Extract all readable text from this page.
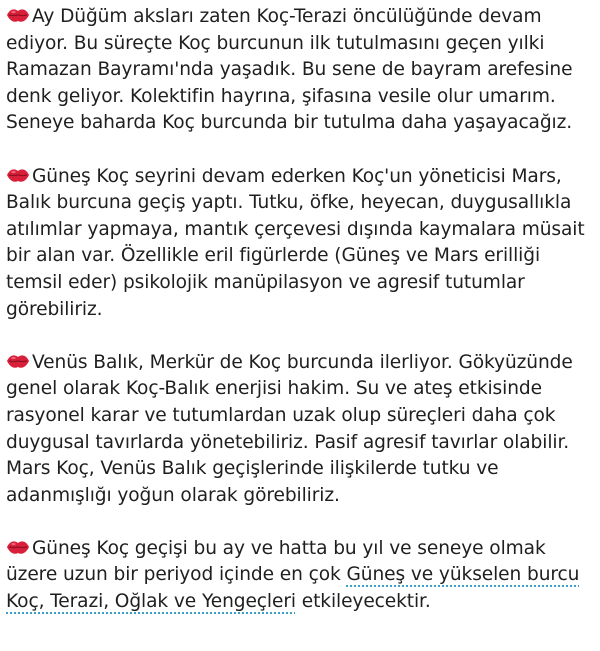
Ay Düğüm aksları zaten Koç-Terazi öncülüğünde devam ediyor. Bu süreçte Koç burcunun ilk tutulmasını geçen yılki Ramazan Bayramı'nda yaşadık. Bu sene de bayram arefesine denk geliyor. Kolektifin hayrına, şifasına vesile olur umarım. Seneye baharda Koç burcunda bir tutulma daha yaşayacağız.

Güneş Koç seyrini devam ederken Koç'un yöneticisi Mars, Balık burcuna geçiş yaptı. Tutku, öfke, heyecan, duygusallıkla atılımlar yapmaya, mantık çerçevesi dışında kaymalara müsait bir alan var. Özellikle eril figürlerde (Güneş ve Mars erilliği temsil eder) psikolojik manüpilasyon ve agresif tutumlar görebiliriz.

Venüs Balık, Merkür de Koç burcunda ilerliyor. Gökyüzünde genel olarak Koç-Balık enerjisi hakim. Su ve ateş etkisinde rasyonel karar ve tutumlardan uzak olup süreçleri daha çok duygusal tavırlarda yönetebiliriz. Pasif agresif tavırlar olabilir. Mars Koç, Venüs Balık geçişlerinde ilişkilerde tutku ve adanmışlığı yoğun olarak görebiliriz.

Güneş Koç geçişi bu ay ve hatta bu yıl ve seneye olmak üzere uzun bir periyod içinde en çok Güneş ve yükselen burcu Koç, Terazi, Oğlak ve Yengeçleri etkileyecektir.
